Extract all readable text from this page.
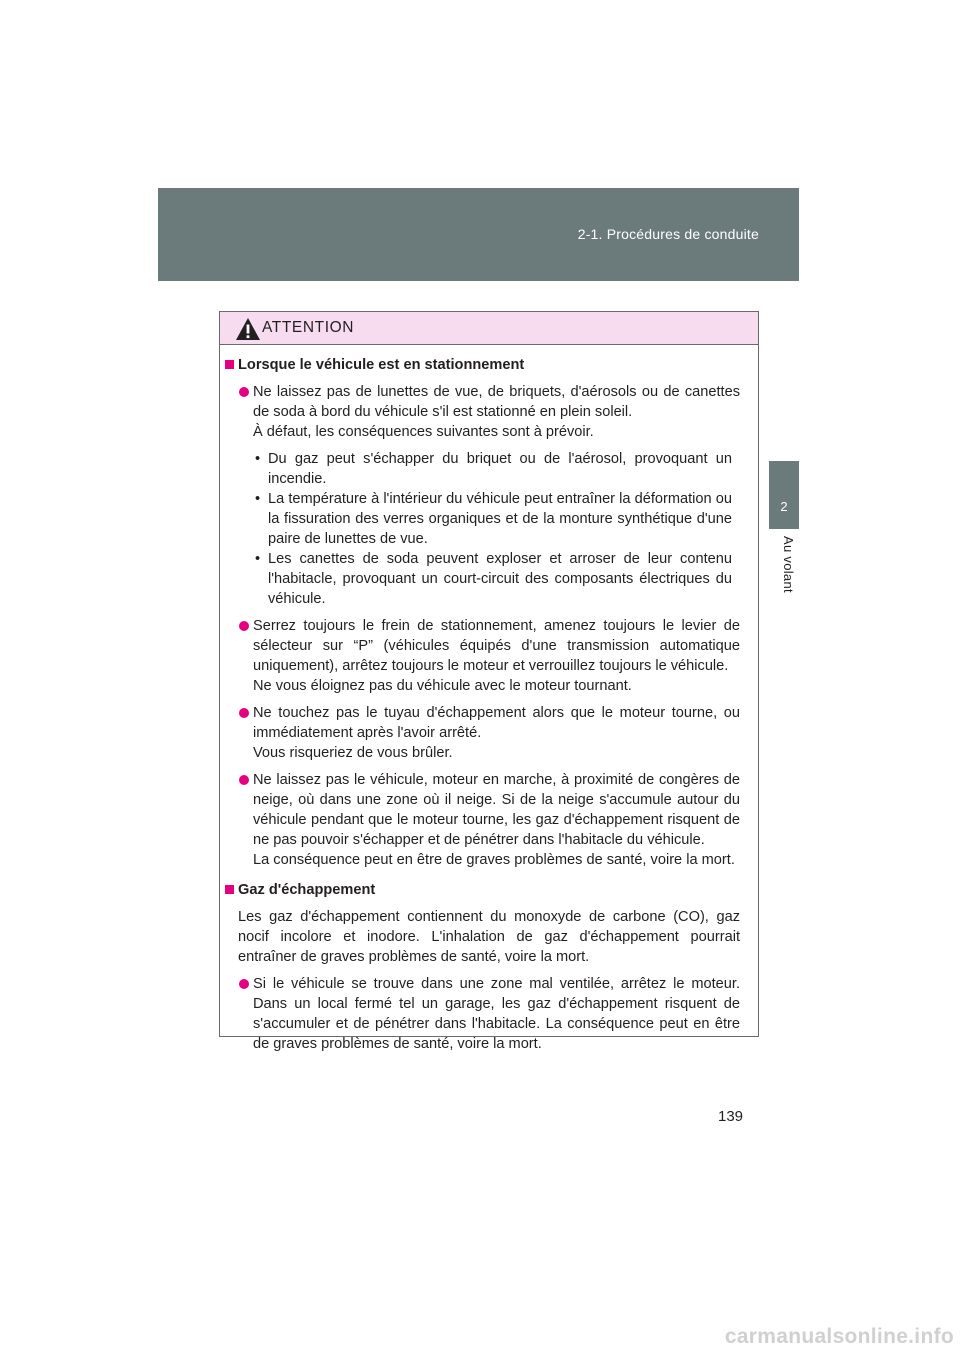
2-1. Procédures de conduite
2
Au volant
ATTENTION
Lorsque le véhicule est en stationnement

Ne laissez pas de lunettes de vue, de briquets, d'aérosols ou de canettes de soda à bord du véhicule s'il est stationné en plein soleil.

À défaut, les conséquences suivantes sont à prévoir.

• Du gaz peut s'échapper du briquet ou de l'aérosol, provoquant un incendie.
• La température à l'intérieur du véhicule peut entraîner la déformation ou la fissuration des verres organiques et de la monture synthétique d'une paire de lunettes de vue.
• Les canettes de soda peuvent exploser et arroser de leur contenu l'habitacle, provoquant un court-circuit des composants électriques du véhicule.

Serrez toujours le frein de stationnement, amenez toujours le levier de sélecteur sur “P” (véhicules équipés d'une transmission automatique uniquement), arrêtez toujours le moteur et verrouillez toujours le véhicule.

Ne vous éloignez pas du véhicule avec le moteur tournant.

Ne touchez pas le tuyau d'échappement alors que le moteur tourne, ou immédiatement après l'avoir arrêté.

Vous risqueriez de vous brûler.

Ne laissez pas le véhicule, moteur en marche, à proximité de congères de neige, où dans une zone où il neige. Si de la neige s'accumule autour du véhicule pendant que le moteur tourne, les gaz d'échappement risquent de ne pas pouvoir s'échapper et de pénétrer dans l'habitacle du véhicule.

La conséquence peut en être de graves problèmes de santé, voire la mort.

Gaz d'échappement
Les gaz d'échappement contiennent du monoxyde de carbone (CO), gaz nocif incolore et inodore. L'inhalation de gaz d'échappement pourrait entraîner de graves problèmes de santé, voire la mort.

Si le véhicule se trouve dans une zone mal ventilée, arrêtez le moteur. Dans un local fermé tel un garage, les gaz d'échappement risquent de s'accumuler et de pénétrer dans l'habitacle. La conséquence peut en être de graves problèmes de santé, voire la mort.

139
carmanualsonline.info
